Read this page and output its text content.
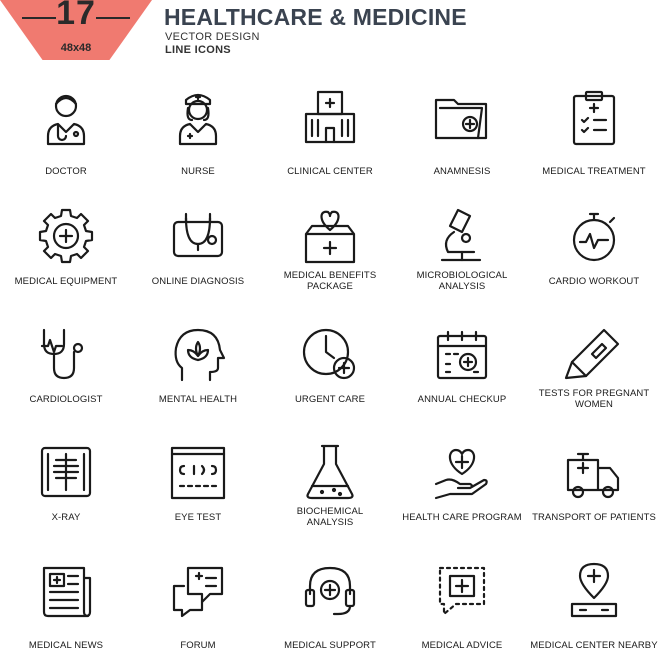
17
48x48
HEALTHCARE & MEDICINE
VECTOR DESIGN
LINE ICONS
DOCTOR	NURSE	CLINICAL CENTER	ANAMNESIS	MEDICAL TREATMENT
MEDICAL EQUIPMENT	ONLINE DIAGNOSIS
MEDICAL BENEFITS
PACKAGE
MICROBIOLOGICAL
ANALYSIS	CARDIO WORKOUT
CARDIOLOGIST	MENTAL HEALTH	URGENT CARE	ANNUAL CHECKUP
TESTS FOR PREGNANT
WOMEN
X-RAY	EYE TEST
BIOCHEMICAL
ANALYSIS	HEALTH CARE PROGRAM	TRANSPORT OF PATIENTS
MEDICAL NEWS	FORUM	MEDICAL SUPPORT	MEDICAL ADVICE	MEDICAL CENTER NEARBY
